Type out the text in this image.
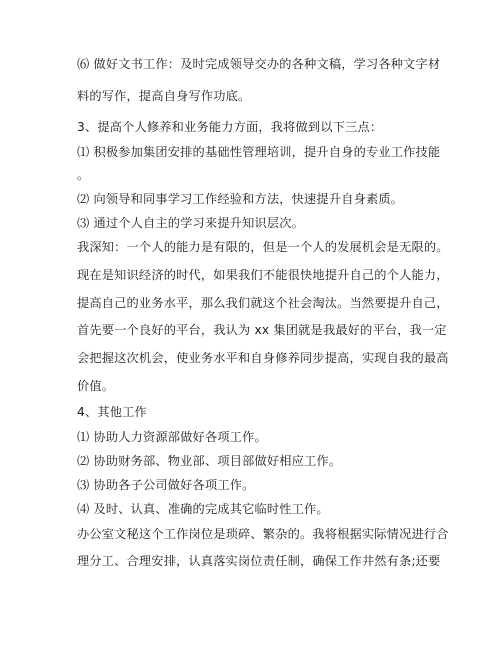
⑹ 做好文书工作：及时完成领导交办的各种文稿，学习各种文字材
料的写作，提高自身写作功底。
3、提高个人修养和业务能力方面，我将做到以下三点：
⑴ 积极参加集团安排的基础性管理培训，提升自身的专业工作技能
。
⑵ 向领导和同事学习工作经验和方法，快速提升自身素质。
⑶ 通过个人自主的学习来提升知识层次。
我深知：一个人的能力是有限的，但是一个人的发展机会是无限的。
现在是知识经济的时代，如果我们不能很快地提升自己的个人能力，
提高自己的业务水平，那么我们就这个社会淘汰。当然要提升自己，
首先要一个良好的平台，我认为 xx 集团就是我最好的平台，我一定
会把握这次机会，使业务水平和自身修养同步提高，实现自我的最高
价值。
4、其他工作
⑴ 协助人力资源部做好各项工作。
⑵ 协助财务部、物业部、项目部做好相应工作。
⑶ 协助各子公司做好各项工作。
⑷ 及时、认真、准确的完成其它临时性工作。
办公室文秘这个工作岗位是琐碎、繁杂的。我将根据实际情况进行合
理分工、合理安排，认真落实岗位责任制，确保工作井然有条;还要
